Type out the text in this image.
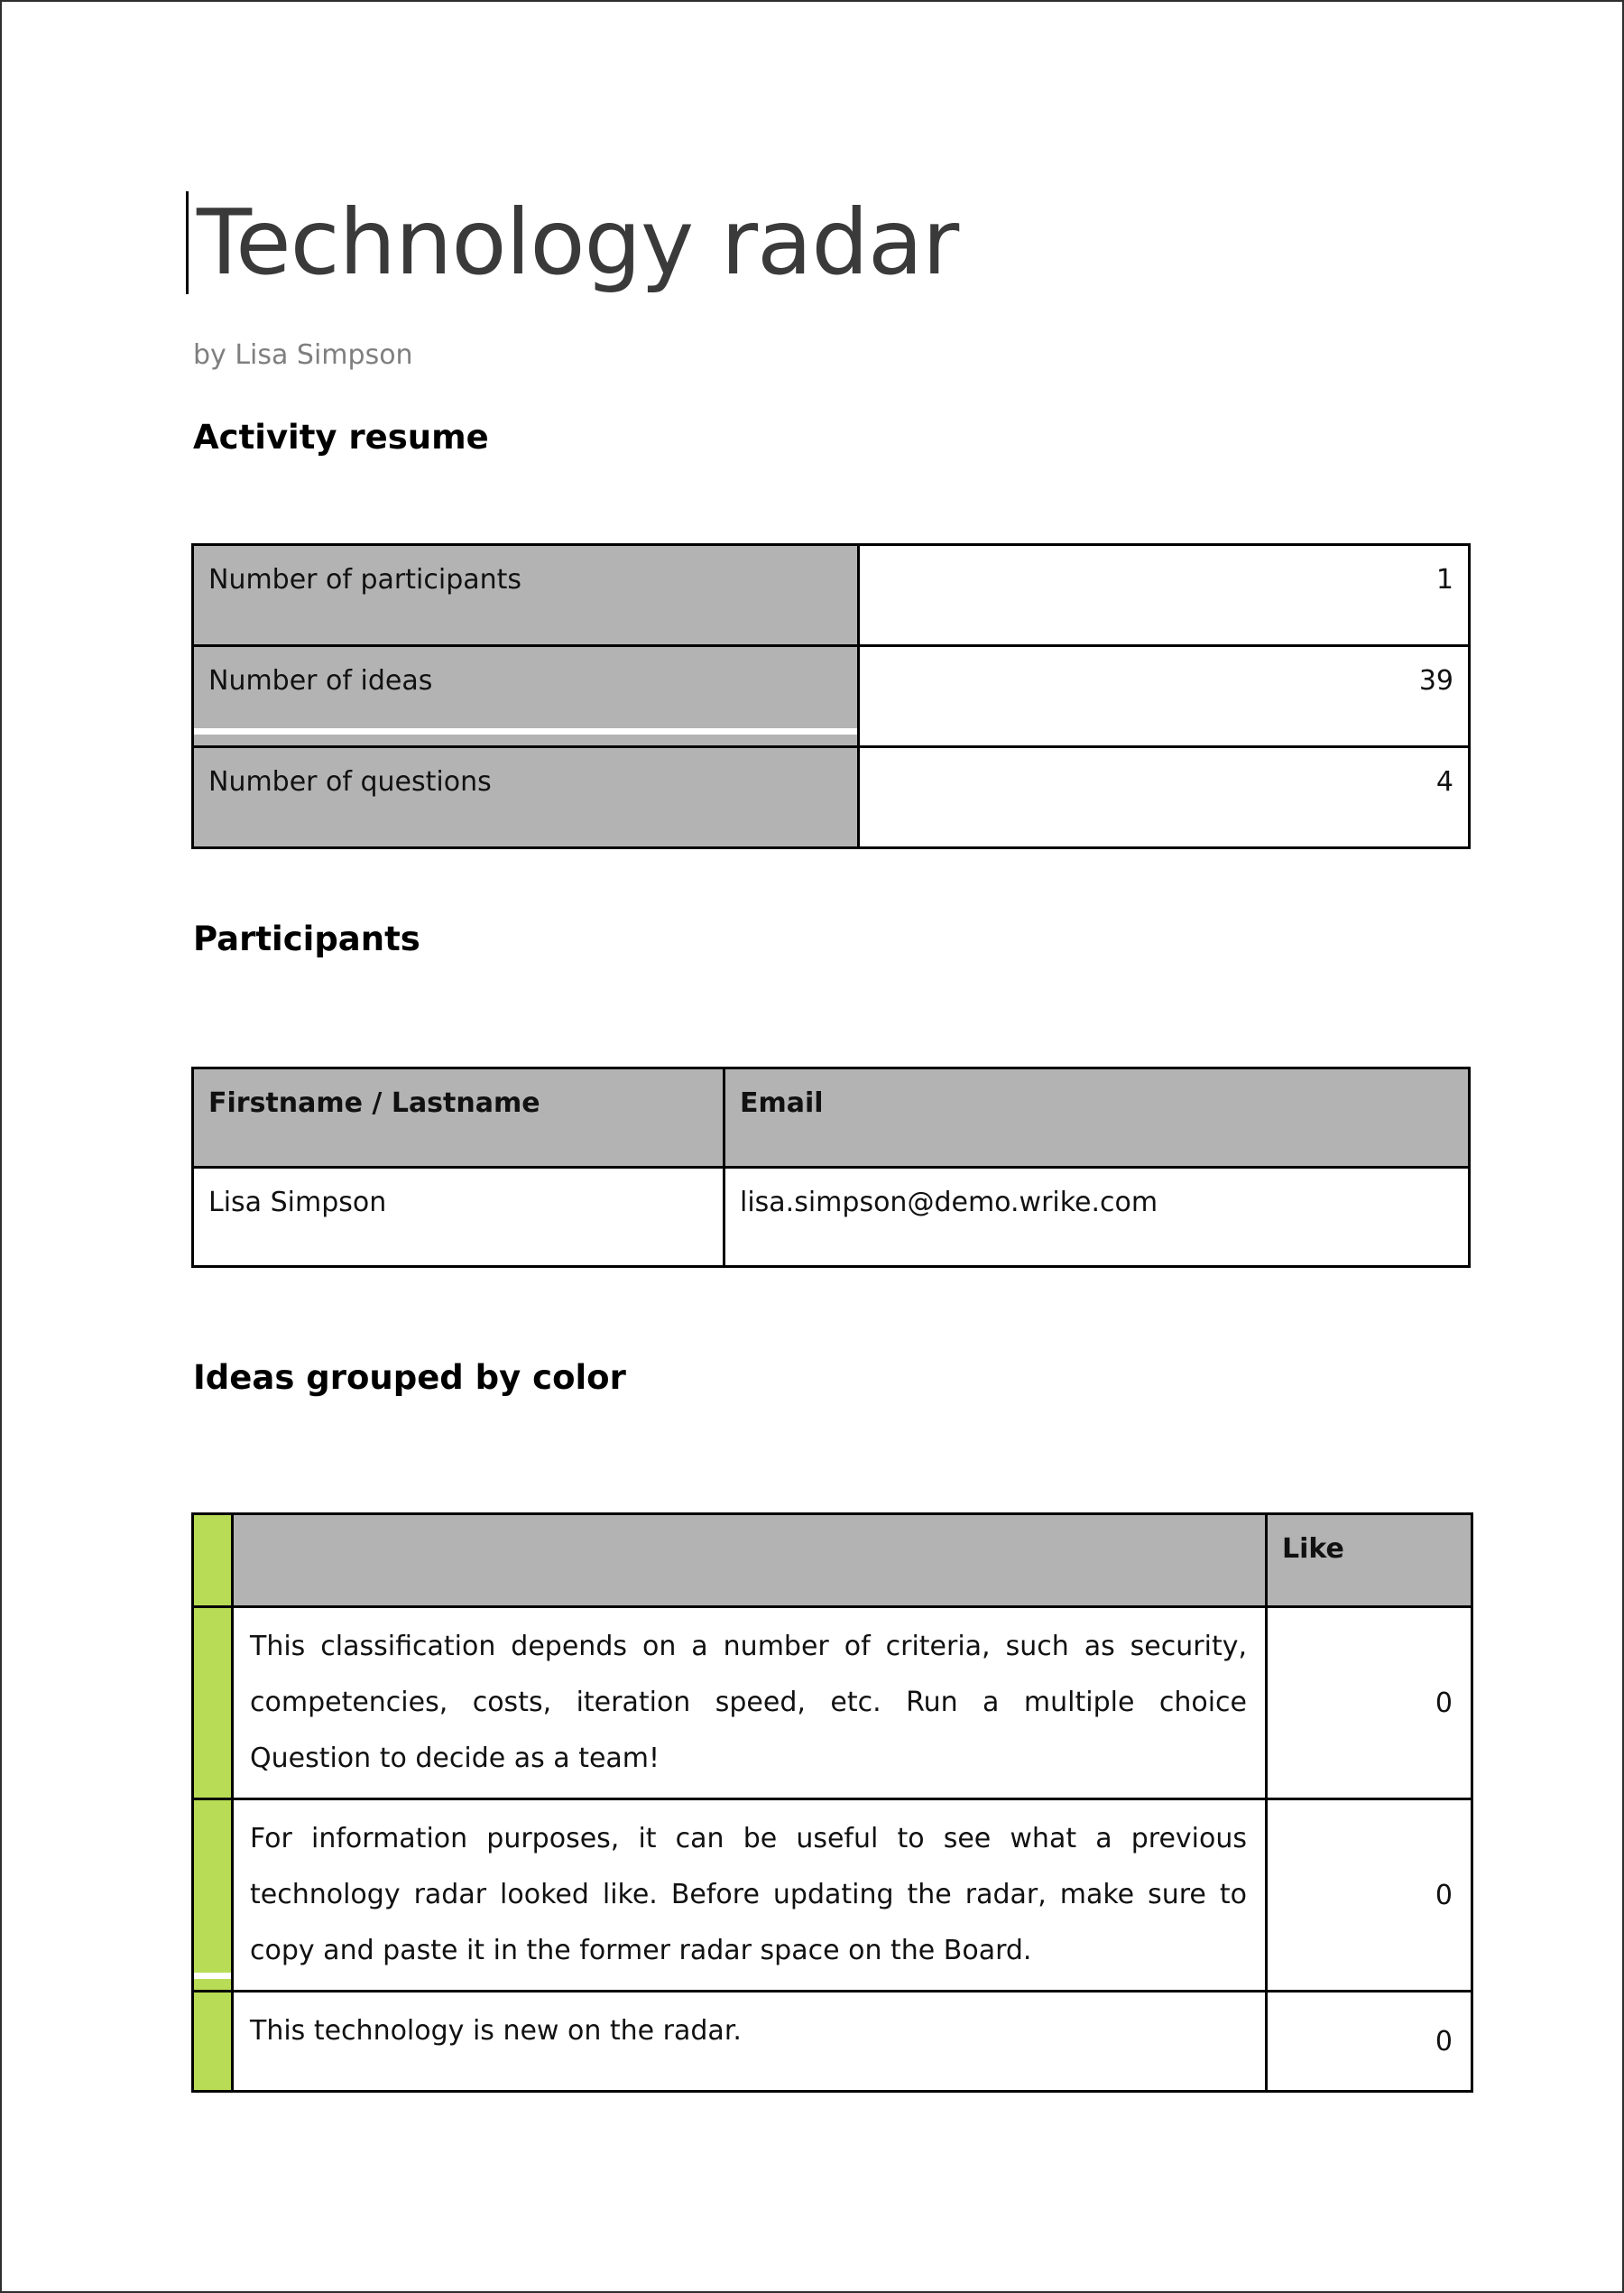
Technology radar

by Lisa Simpson

Activity resume
Number of participants	1
Number of ideas	39
Number of questions	4
Participants
Firstname / Lastname	Email
Lisa Simpson	lisa.simpson@demo.wrike.com
Ideas grouped by color
		Like
	This classification depends on a number of criteria, such as security, competencies, costs, iteration speed, etc. Run a multiple choice Question to decide as a team!	0
	For information purposes, it can be useful to see what a previous technology radar looked like. Before updating the radar, make sure to copy and paste it in the former radar space on the Board.	0
	This technology is new on the radar.	0
